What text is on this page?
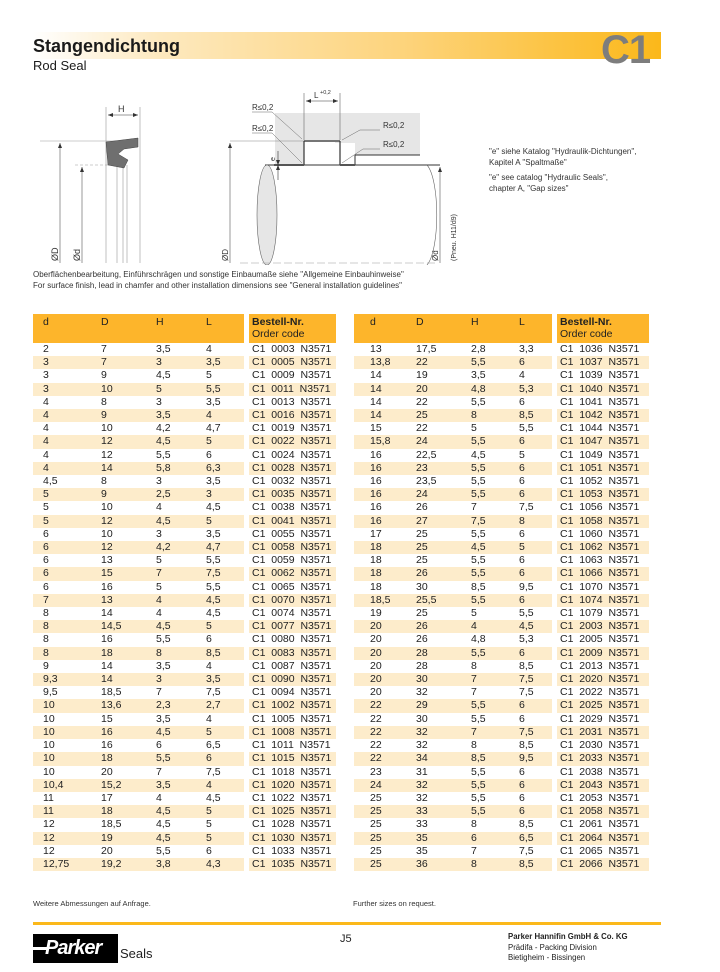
Stangendichtung
Rod Seal	C1
H
ØD Ød
L +0,2
R≤0,2
R≤0,2	R≤0,2
R≤0,2
e
ØD	Ød (Pneu. H11/d9)
"e" siehe Katalog "Hydraulik-Dichtungen",
Kapitel A "Spaltmaße"
"e" see catalog "Hydraulic Seals",
chapter A, "Gap sizes"
Oberflächenbearbeitung, Einführschrägen und sonstige Einbaumaße siehe "Allgemeine Einbauhinweise"
For surface finish, lead in chamfer and other installation dimensions see "General installation guidelines"
d	D	H	L		Bestell-Nr.
Order code

2	7	3,5	4		C1  0003  N3571
3	7	3	3,5		C1  0005  N3571
3	9	4,5	5		C1  0009  N3571
3	10	5	5,5		C1  0011  N3571
4	8	3	3,5		C1  0013  N3571
4	9	3,5	4		C1  0016  N3571
4	10	4,2	4,7		C1  0019  N3571
4	12	4,5	5		C1  0022  N3571
4	12	5,5	6		C1  0024  N3571
4	14	5,8	6,3		C1  0028  N3571
4,5	8	3	3,5		C1  0032  N3571
5	9	2,5	3		C1  0035  N3571
5	10	4	4,5		C1  0038  N3571
5	12	4,5	5		C1  0041  N3571
6	10	3	3,5		C1  0055  N3571
6	12	4,2	4,7		C1  0058  N3571
6	13	5	5,5		C1  0059  N3571
6	15	7	7,5		C1  0062  N3571
6	16	5	5,5		C1  0065  N3571
7	13	4	4,5		C1  0070  N3571
8	14	4	4,5		C1  0074  N3571
8	14,5	4,5	5		C1  0077  N3571
8	16	5,5	6		C1  0080  N3571
8	18	8	8,5		C1  0083  N3571
9	14	3,5	4		C1  0087  N3571
9,3	14	3	3,5		C1  0090  N3571
9,5	18,5	7	7,5		C1  0094  N3571
10	13,6	2,3	2,7		C1  1002  N3571
10	15	3,5	4		C1  1005  N3571
10	16	4,5	5		C1  1008  N3571
10	16	6	6,5		C1  1011  N3571
10	18	5,5	6		C1  1015  N3571
10	20	7	7,5		C1  1018  N3571
10,4	15,2	3,5	4		C1  1020  N3571
11	17	4	4,5		C1  1022  N3571
11	18	4,5	5		C1  1025  N3571
12	18,5	4,5	5		C1  1028  N3571
12	19	4,5	5		C1  1030  N3571
12	20	5,5	6		C1  1033  N3571
12,75	19,2	3,8	4,3		C1  1035  N3571
d	D	H	L		Bestell-Nr.
Order code

13	17,5	2,8	3,3		C1  1036  N3571
13,8	22	5,5	6		C1  1037  N3571
14	19	3,5	4		C1  1039  N3571
14	20	4,8	5,3		C1  1040  N3571
14	22	5,5	6		C1  1041  N3571
14	25	8	8,5		C1  1042  N3571
15	22	5	5,5		C1  1044  N3571
15,8	24	5,5	6		C1  1047  N3571
16	22,5	4,5	5		C1  1049  N3571
16	23	5,5	6		C1  1051  N3571
16	23,5	5,5	6		C1  1052  N3571
16	24	5,5	6		C1  1053  N3571
16	26	7	7,5		C1  1056  N3571
16	27	7,5	8		C1  1058  N3571
17	25	5,5	6		C1  1060  N3571
18	25	4,5	5		C1  1062  N3571
18	25	5,5	6		C1  1063  N3571
18	26	5,5	6		C1  1066  N3571
18	30	8,5	9,5		C1  1070  N3571
18,5	25,5	5,5	6		C1  1074  N3571
19	25	5	5,5		C1  1079  N3571
20	26	4	4,5		C1  2003  N3571
20	26	4,8	5,3		C1  2005  N3571
20	28	5,5	6		C1  2009  N3571
20	28	8	8,5		C1  2013  N3571
20	30	7	7,5		C1  2020  N3571
20	32	7	7,5		C1  2022  N3571
22	29	5,5	6		C1  2025  N3571
22	30	5,5	6		C1  2029  N3571
22	32	7	7,5		C1  2031  N3571
22	32	8	8,5		C1  2030  N3571
22	34	8,5	9,5		C1  2033  N3571
23	31	5,5	6		C1  2038  N3571
24	32	5,5	6		C1  2043  N3571
25	32	5,5	6		C1  2053  N3571
25	33	5,5	6		C1  2058  N3571
25	33	8	8,5		C1  2061  N3571
25	35	6	6,5		C1  2064  N3571
25	35	7	7,5		C1  2065  N3571
25	36	8	8,5		C1  2066  N3571
Weitere Abmessungen auf Anfrage.	Further sizes on request.
Parker Seals
J5	Parker Hannifin GmbH & Co. KG
Prädifa - Packing Division
Bietigheim - Bissingen
